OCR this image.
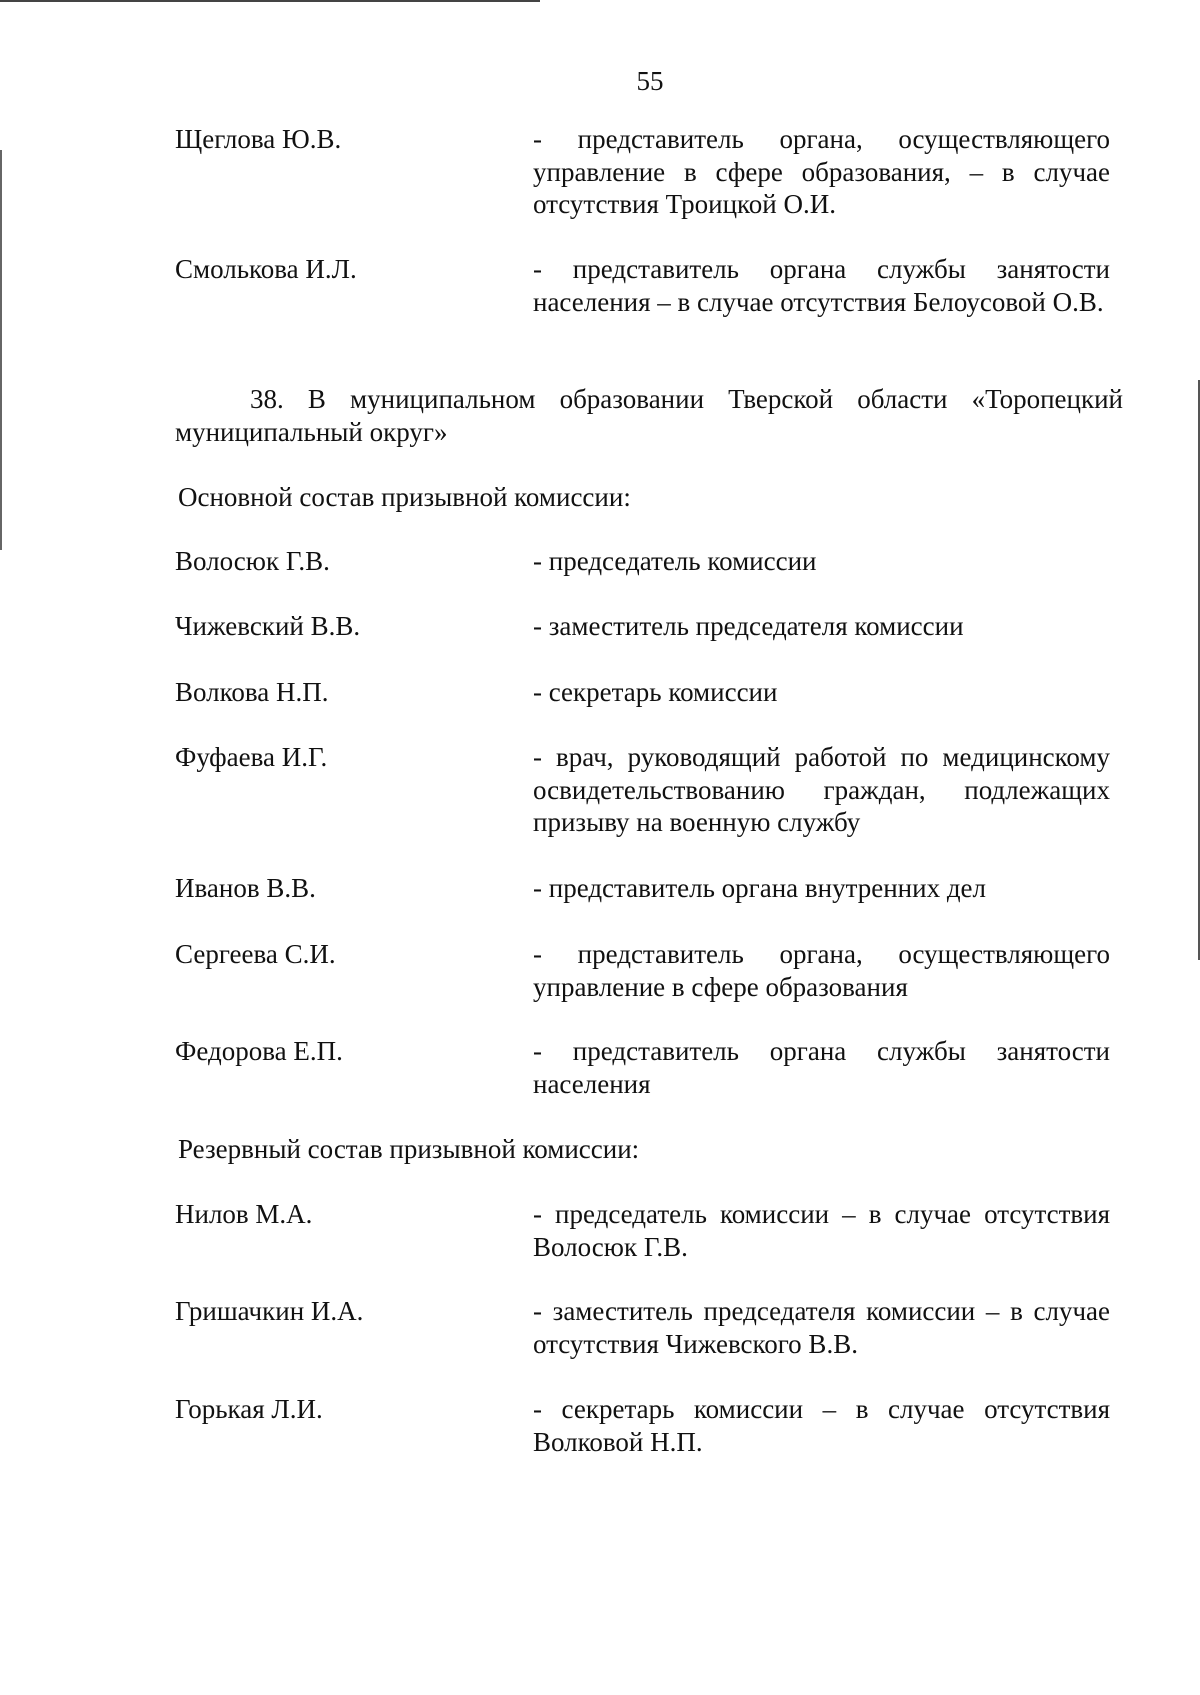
55
Щеглова Ю.В.	- представитель органа, осуществляющего управление в сфере образования, – в случае отсутствия Троицкой О.И.
Смолькова И.Л.	- представитель органа службы занятости населения – в случае отсутствия Белоусовой О.В.
38. В муниципальном образовании Тверской области «Торопецкий муниципальный округ»
Основной состав призывной комиссии:
Волосюк Г.В.	- председатель комиссии
Чижевский В.В.	- заместитель председателя комиссии
Волкова Н.П.	- секретарь комиссии
Фуфаева И.Г.	- врач, руководящий работой по медицинскому освидетельствованию граждан, подлежащих призыву на военную службу
Иванов В.В.	- представитель органа внутренних дел
Сергеева С.И.	- представитель органа, осуществляющего управление в сфере образования
Федорова Е.П.	- представитель органа службы занятости населения
Резервный состав призывной комиссии:
Нилов М.А.	- председатель комиссии – в случае отсутствия Волосюк Г.В.
Гришачкин И.А.	- заместитель председателя комиссии – в случае отсутствия Чижевского В.В.
Горькая Л.И.	- секретарь комиссии – в случае отсутствия Волковой Н.П.
